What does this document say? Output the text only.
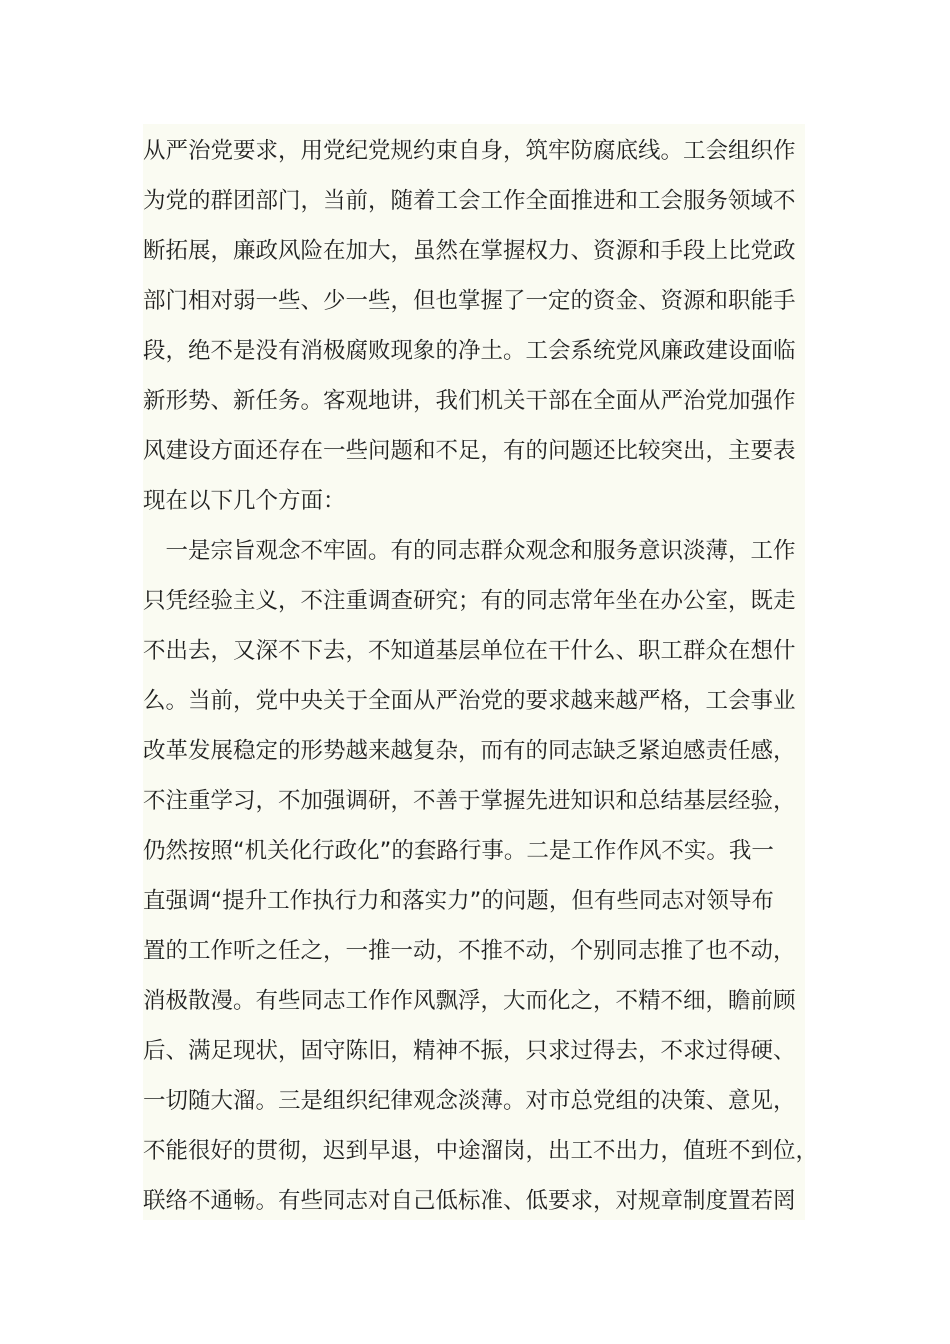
从严治党要求，用党纪党规约束自身，筑牢防腐底线。工会组织作
为党的群团部门，当前，随着工会工作全面推进和工会服务领域不
断拓展，廉政风险在加大，虽然在掌握权力、资源和手段上比党政
部门相对弱一些、少一些，但也掌握了一定的资金、资源和职能手
段，绝不是没有消极腐败现象的净土。工会系统党风廉政建设面临
新形势、新任务。客观地讲，我们机关干部在全面从严治党加强作
风建设方面还存在一些问题和不足，有的问题还比较突出，主要表
现在以下几个方面：
　一是宗旨观念不牢固。有的同志群众观念和服务意识淡薄，工作
只凭经验主义，不注重调查研究；有的同志常年坐在办公室，既走
不出去，又深不下去，不知道基层单位在干什么、职工群众在想什
么。当前，党中央关于全面从严治党的要求越来越严格，工会事业
改革发展稳定的形势越来越复杂，而有的同志缺乏紧迫感责任感，
不注重学习，不加强调研，不善于掌握先进知识和总结基层经验，
仍然按照“机关化行政化”的套路行事。二是工作作风不实。我一
直强调“提升工作执行力和落实力”的问题，但有些同志对领导布
置的工作听之任之，一推一动，不推不动，个别同志推了也不动，
消极散漫。有些同志工作作风飘浮，大而化之，不精不细，瞻前顾
后、满足现状，固守陈旧，精神不振，只求过得去，不求过得硬、
一切随大溜。三是组织纪律观念淡薄。对市总党组的决策、意见，
不能很好的贯彻，迟到早退，中途溜岗，出工不出力，值班不到位，
联络不通畅。有些同志对自己低标准、低要求，对规章制度置若罔
